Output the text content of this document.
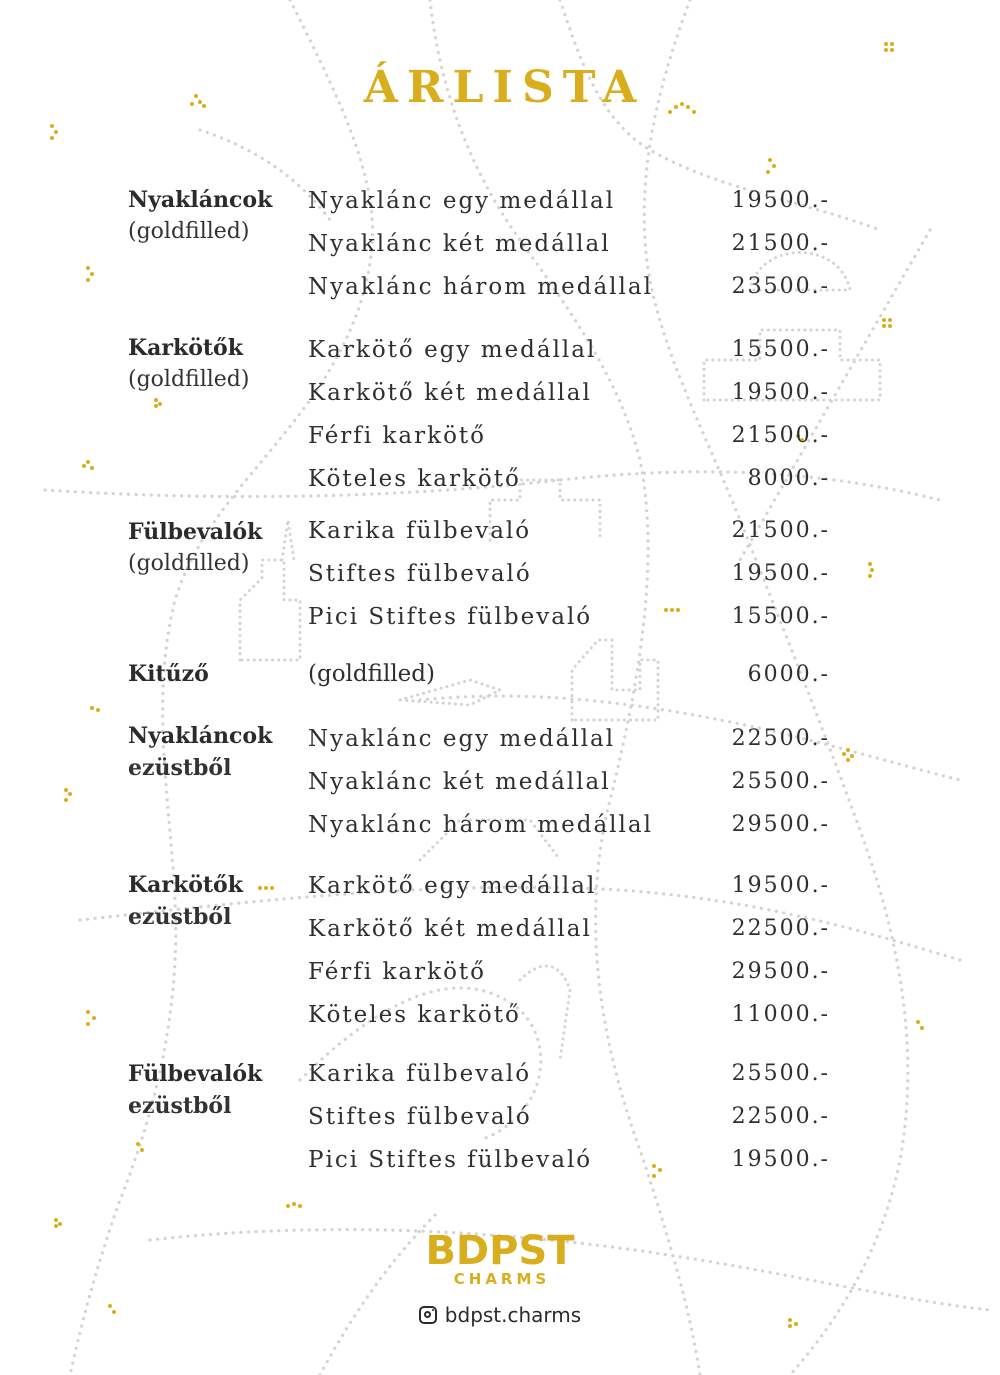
ÁRLISTA
Nyakláncok
(goldfilled)
Nyaklánc egy medállal	19500.-
Nyaklánc két medállal	21500.-
Nyaklánc három medállal	23500.-
Karkötők
(goldfilled)
Karkötő egy medállal	15500.-
Karkötő két medállal	19500.-
Férfi karkötő	21500.-
Köteles karkötő	8000.-
Fülbevalók
(goldfilled)
Karika fülbevaló	21500.-
Stiftes fülbevaló	19500.-
Pici Stiftes fülbevaló	15500.-
Kitűző	(goldfilled)	6000.-
Nyakláncok
ezüstből
Nyaklánc egy medállal	22500.-
Nyaklánc két medállal	25500.-
Nyaklánc három medállal	29500.-
Karkötők
ezüstből
Karkötő egy medállal	19500.-
Karkötő két medállal	22500.-
Férfi karkötő	29500.-
Köteles karkötő	11000.-
Fülbevalók
ezüstből
Karika fülbevaló	25500.-
Stiftes fülbevaló	22500.-
Pici Stiftes fülbevaló	19500.-
BDPST
CHARMS
bdpst.charms
